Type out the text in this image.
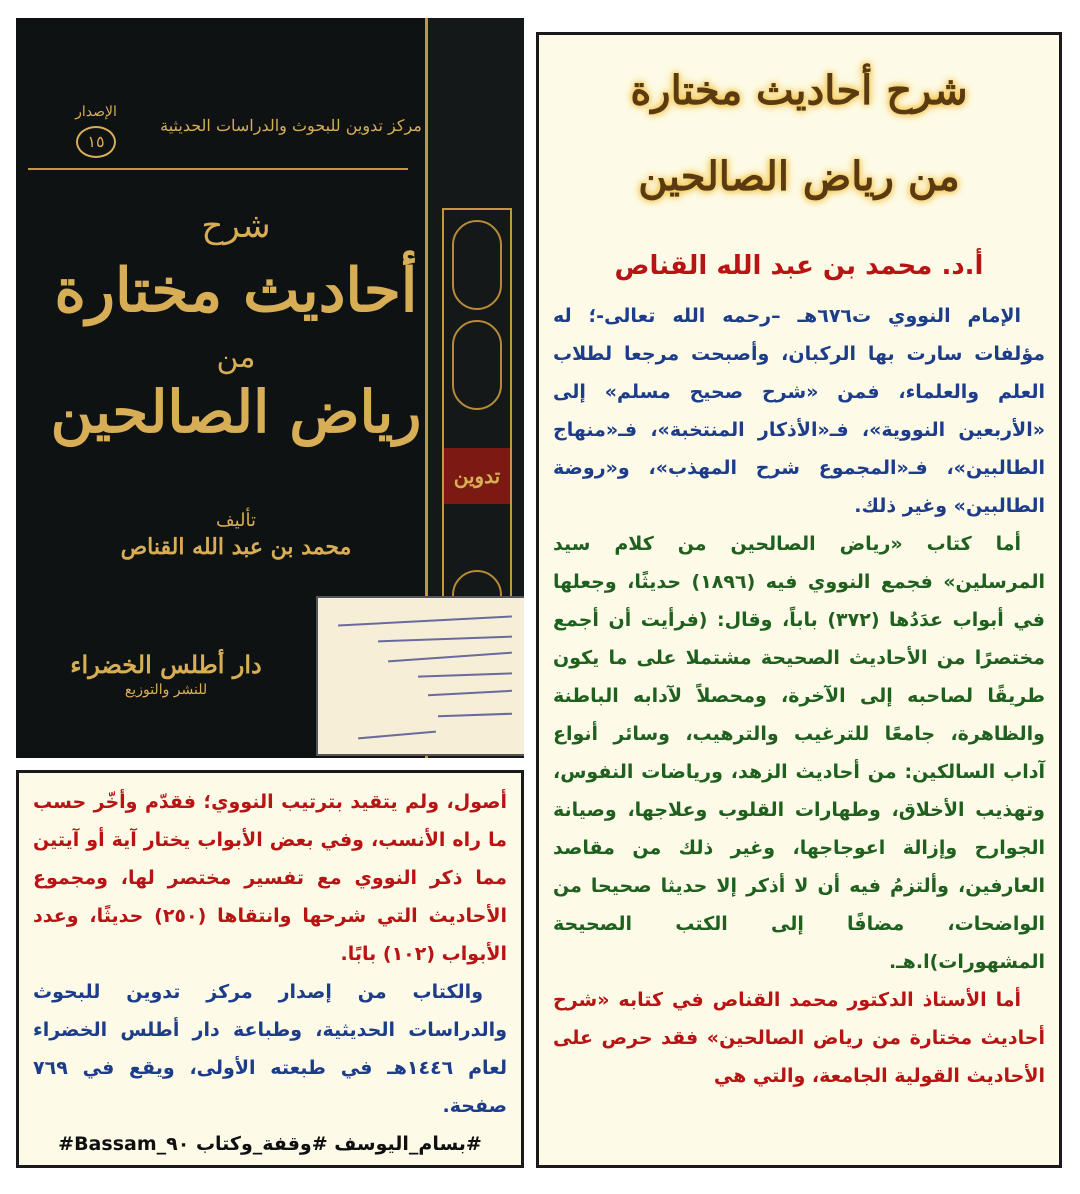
مركز تدوين للبحوث والدراسات الحديثية
الإصدار
١٥
شرح
أحاديث مختارة
من
رياض الصالحين
تأليف
محمد بن عبد الله القناص
دار أطلس الخضراء
للنشر والتوزيع
تدوين
شرح أحاديث مختارة
من رياض الصالحين
أ.د. محمد بن عبد الله القناص

الإمام النووي ت٦٧٦هـ –رحمه الله تعالى-؛ له مؤلفات سارت بها الركبان، وأصبحت مرجعا لطلاب العلم والعلماء، فمن «شرح صحيح مسلم» إلى «الأربعين النووية»، فـ«الأذكار المنتخبة»، فـ«منهاج الطالبين»، فـ«المجموع شرح المهذب»، و«روضة الطالبين» وغير ذلك.

أما كتاب «رياض الصالحين من كلام سيد المرسلين» فجمع النووي فيه (١٨٩٦) حديثًا، وجعلها في أبواب عدَدُها (٣٧٢) باباً، وقال: (فرأيت أن أجمع مختصرًا من الأحاديث الصحيحة مشتملا على ما يكون طريقًا لصاحبه إلى الآخرة، ومحصلاً لآدابه الباطنة والظاهرة، جامعًا للترغيب والترهيب، وسائر أنواع آداب السالكين: من أحاديث الزهد، ورياضات النفوس، وتهذيب الأخلاق، وطهارات القلوب وعلاجها، وصيانة الجوارح وإزالة اعوجاجها، وغير ذلك من مقاصد العارفين، وألتزمُ فيه أن لا أذكر إلا حديثا صحيحا من الواضحات، مضافًا إلى الكتب الصحيحة المشهورات)ا.هـ.

أما الأستاذ الدكتور محمد القناص في كتابه «شرح أحاديث مختارة من رياض الصالحين» فقد حرص على الأحاديث القولية الجامعة، والتي هي

أصول، ولم يتقيد بترتيب النووي؛ فقدّم وأخّر حسب ما راه الأنسب، وفي بعض الأبواب يختار آية أو آيتين مما ذكر النووي مع تفسير مختصر لها، ومجموع الأحاديث التي شرحها وانتقاها (٢٥٠) حديثًا، وعدد الأبواب (١٠٢) بابًا.

والكتاب من إصدار مركز تدوين للبحوث والدراسات الحديثية، وطباعة دار أطلس الخضراء لعام ١٤٤٦هـ في طبعته الأولى، ويقع في ٧٦٩ صفحة.

#بسام_اليوسف #وقفة_وكتاب ٩٠_Bassam#
